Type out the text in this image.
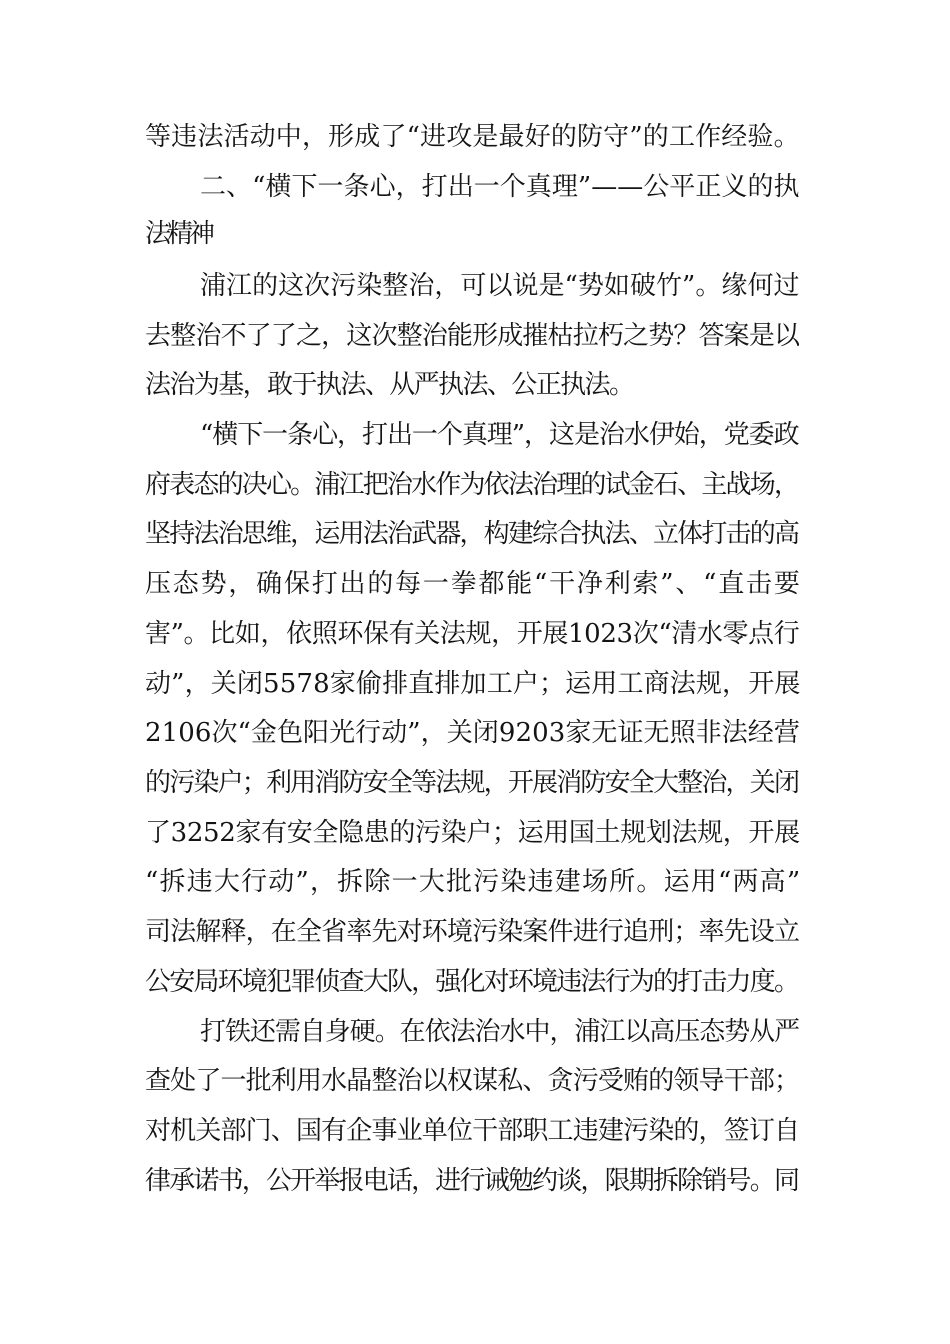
等违法活动中，形成了“进攻是最好的防守”的工作经验。
二、“横下一条心，打出一个真理”——公平正义的执
法精神
浦江的这次污染整治，可以说是“势如破竹”。缘何过
去整治不了了之，这次整治能形成摧枯拉朽之势？答案是以
法治为基，敢于执法、从严执法、公正执法。
“横下一条心，打出一个真理”，这是治水伊始，党委政
府表态的决心。浦江把治水作为依法治理的试金石、主战场，
坚持法治思维，运用法治武器，构建综合执法、立体打击的高
压态势，确保打出的每一拳都能“干净利索”、“直击要
害”。比如，依照环保有关法规，开展1023次“清水零点行
动”，关闭5578家偷排直排加工户；运用工商法规，开展
2106次“金色阳光行动”，关闭9203家无证无照非法经营
的污染户；利用消防安全等法规，开展消防安全大整治，关闭
了3252家有安全隐患的污染户；运用国土规划法规，开展
“拆违大行动”，拆除一大批污染违建场所。运用“两高”
司法解释，在全省率先对环境污染案件进行追刑；率先设立
公安局环境犯罪侦查大队，强化对环境违法行为的打击力度。
打铁还需自身硬。在依法治水中，浦江以高压态势从严
查处了一批利用水晶整治以权谋私、贪污受贿的领导干部；
对机关部门、国有企事业单位干部职工违建污染的，签订自
律承诺书，公开举报电话，进行诫勉约谈，限期拆除销号。同
